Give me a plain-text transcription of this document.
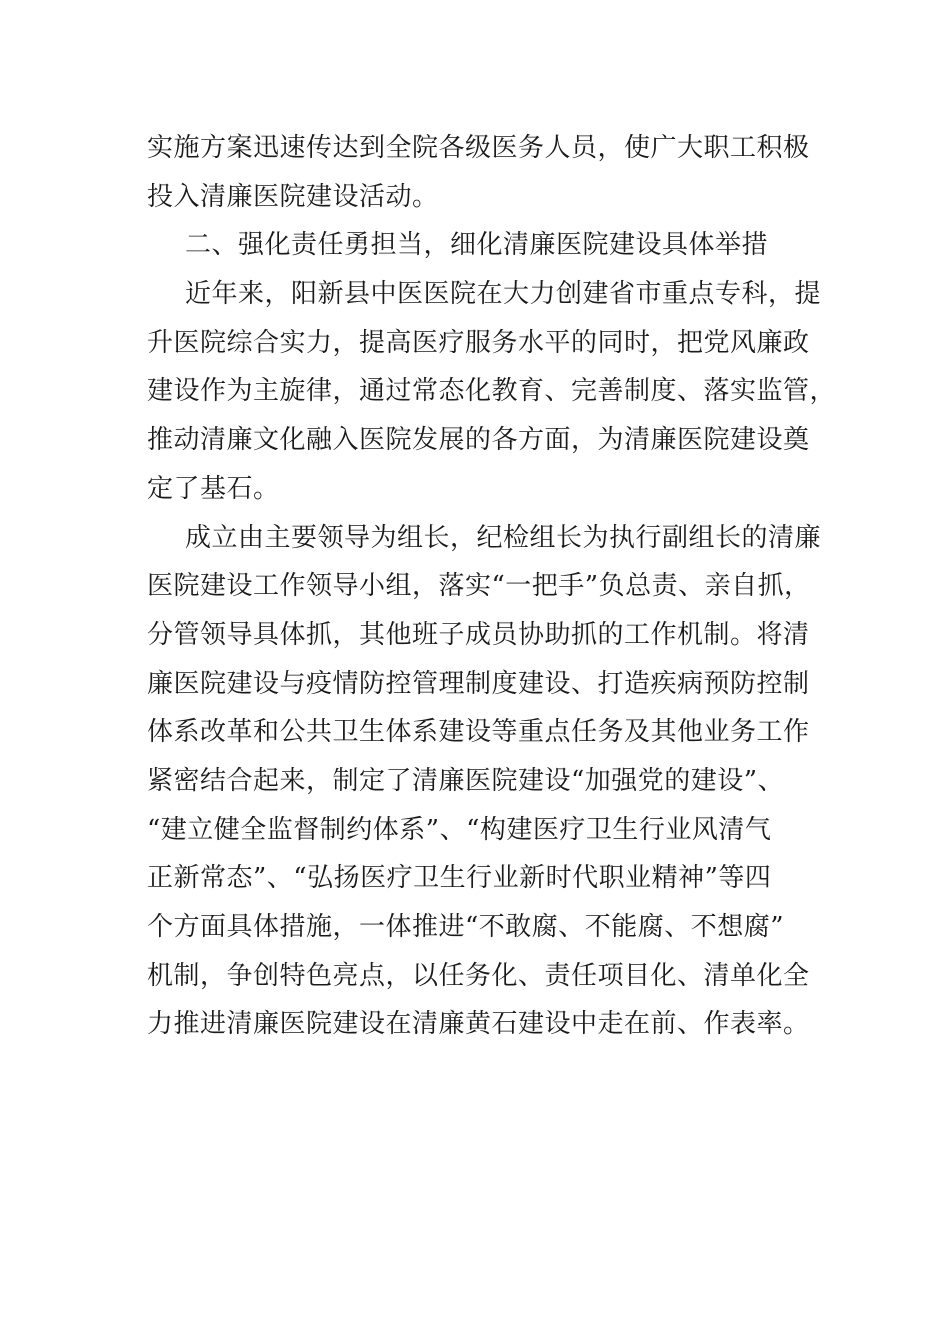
实施方案迅速传达到全院各级医务人员，使广大职工积极
投入清廉医院建设活动。
二、强化责任勇担当，细化清廉医院建设具体举措
近年来，阳新县中医医院在大力创建省市重点专科，提
升医院综合实力，提高医疗服务水平的同时，把党风廉政
建设作为主旋律，通过常态化教育、完善制度、落实监管，
推动清廉文化融入医院发展的各方面，为清廉医院建设奠
定了基石。
成立由主要领导为组长，纪检组长为执行副组长的清廉
医院建设工作领导小组，落实“一把手”负总责、亲自抓，
分管领导具体抓，其他班子成员协助抓的工作机制。将清
廉医院建设与疫情防控管理制度建设、打造疾病预防控制
体系改革和公共卫生体系建设等重点任务及其他业务工作
紧密结合起来，制定了清廉医院建设“加强党的建设”、
“建立健全监督制约体系”、“构建医疗卫生行业风清气
正新常态”、“弘扬医疗卫生行业新时代职业精神”等四
个方面具体措施，一体推进“不敢腐、不能腐、不想腐”
机制，争创特色亮点，以任务化、责任项目化、清单化全
力推进清廉医院建设在清廉黄石建设中走在前、作表率。
